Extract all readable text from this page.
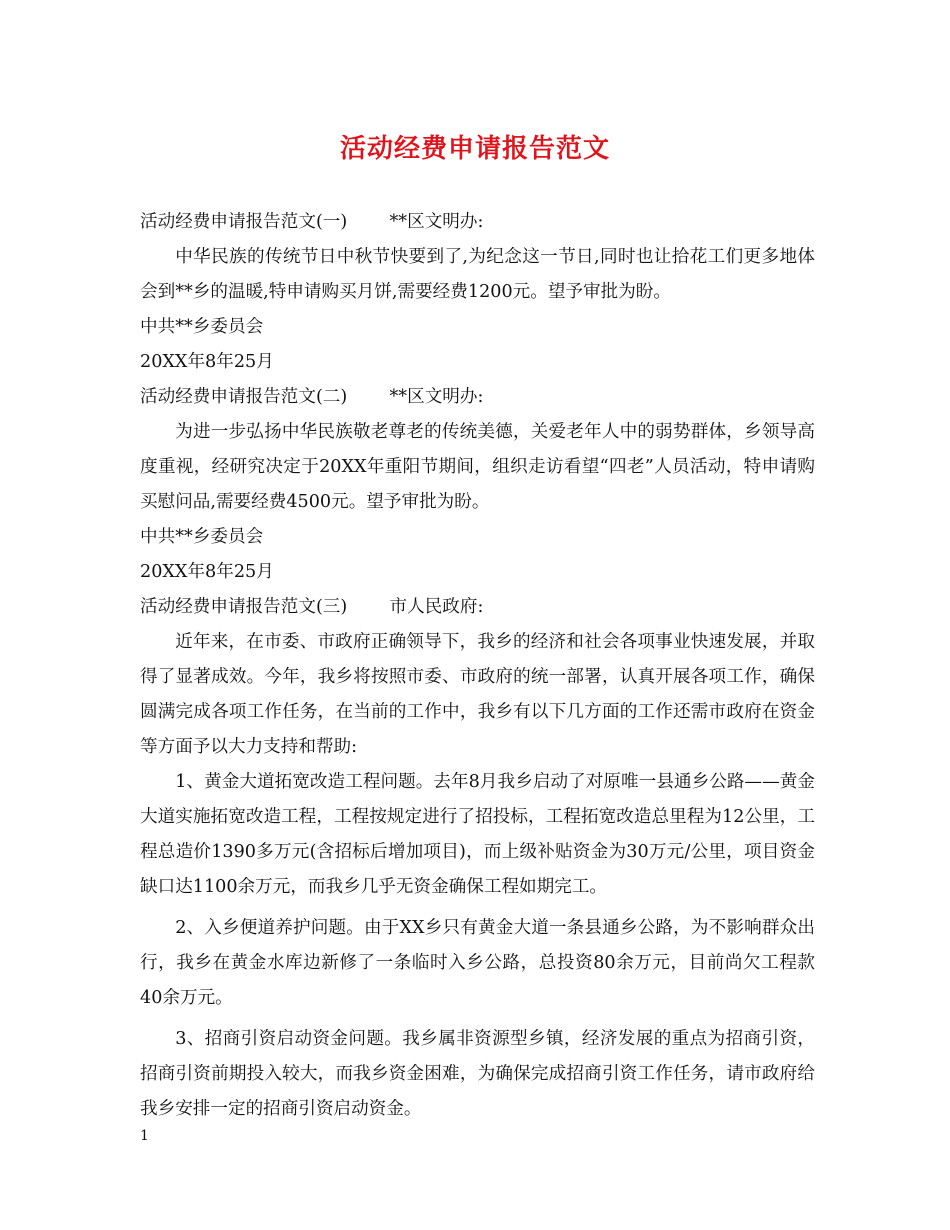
活动经费申请报告范文

活动经费申请报告范文(一) **区文明办:

中华民族的传统节日中秋节快要到了,为纪念这一节日,同时也让拾花工们更多地体会到**乡的温暖,特申请购买月饼,需要经费1200元。望予审批为盼。

中共**乡委员会

20XX年8年25月

活动经费申请报告范文(二) **区文明办:

为进一步弘扬中华民族敬老尊老的传统美德，关爱老年人中的弱势群体，乡领导高度重视，经研究决定于20XX年重阳节期间，组织走访看望“四老”人员活动，特申请购买慰问品,需要经费4500元。望予审批为盼。

中共**乡委员会

20XX年8年25月

活动经费申请报告范文(三) 市人民政府:

近年来，在市委、市政府正确领导下，我乡的经济和社会各项事业快速发展，并取得了显著成效。今年，我乡将按照市委、市政府的统一部署，认真开展各项工作，确保圆满完成各项工作任务，在当前的工作中，我乡有以下几方面的工作还需市政府在资金等方面予以大力支持和帮助:

1、黄金大道拓宽改造工程问题。去年8月我乡启动了对原唯一县通乡公路——黄金大道实施拓宽改造工程，工程按规定进行了招投标，工程拓宽改造总里程为12公里，工程总造价1390多万元(含招标后增加项目)，而上级补贴资金为30万元/公里，项目资金缺口达1100余万元，而我乡几乎无资金确保工程如期完工。

2、入乡便道养护问题。由于XX乡只有黄金大道一条县通乡公路，为不影响群众出行，我乡在黄金水库边新修了一条临时入乡公路，总投资80余万元，目前尚欠工程款40余万元。

3、招商引资启动资金问题。我乡属非资源型乡镇，经济发展的重点为招商引资，招商引资前期投入较大，而我乡资金困难，为确保完成招商引资工作任务，请市政府给我乡安排一定的招商引资启动资金。

1
